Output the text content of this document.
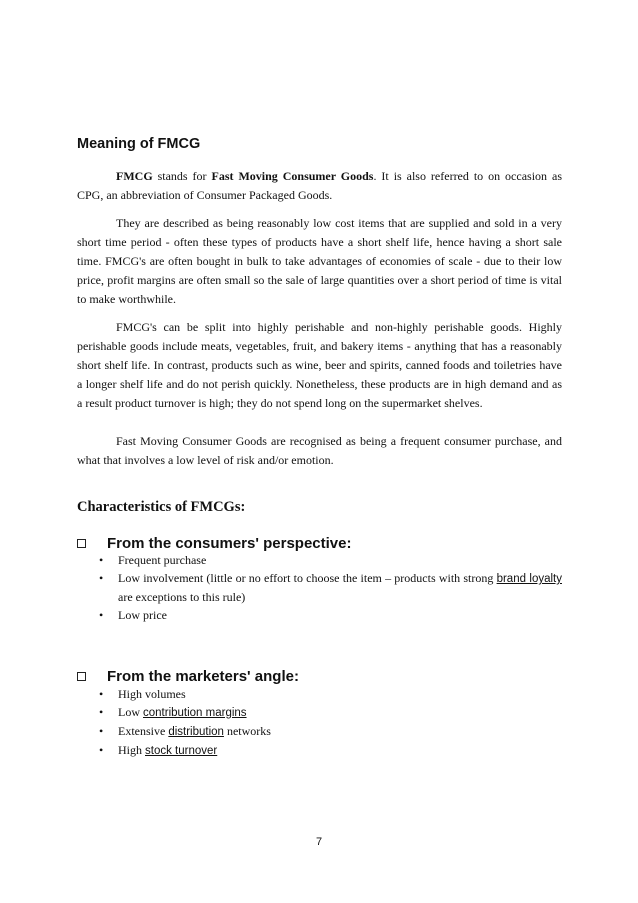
Meaning of FMCG

FMCG stands for Fast Moving Consumer Goods. It is also referred to on occasion as CPG, an abbreviation of Consumer Packaged Goods.

They are described as being reasonably low cost items that are supplied and sold in a very short time period - often these types of products have a short shelf life, hence having a short sale time. FMCG's are often bought in bulk to take advantages of economies of scale - due to their low price, profit margins are often small so the sale of large quantities over a short period of time is vital to make worthwhile.

FMCG's can be split into highly perishable and non-highly perishable goods. Highly perishable goods include meats, vegetables, fruit, and bakery items - anything that has a reasonably short shelf life. In contrast, products such as wine, beer and spirits, canned foods and toiletries have a longer shelf life and do not perish quickly. Nonetheless, these products are in high demand and as a result product turnover is high; they do not spend long on the supermarket shelves.

Fast Moving Consumer Goods are recognised as being a frequent consumer purchase, and what that involves a low level of risk and/or emotion.

Characteristics of FMCGs:
From the consumers' perspective:
• Frequent purchase
• Low involvement (little or no effort to choose the item – products with strong brand loyalty are exceptions to this rule)
• Low price
From the marketers' angle:
• High volumes
• Low contribution margins
• Extensive distribution networks
• High stock turnover
7
